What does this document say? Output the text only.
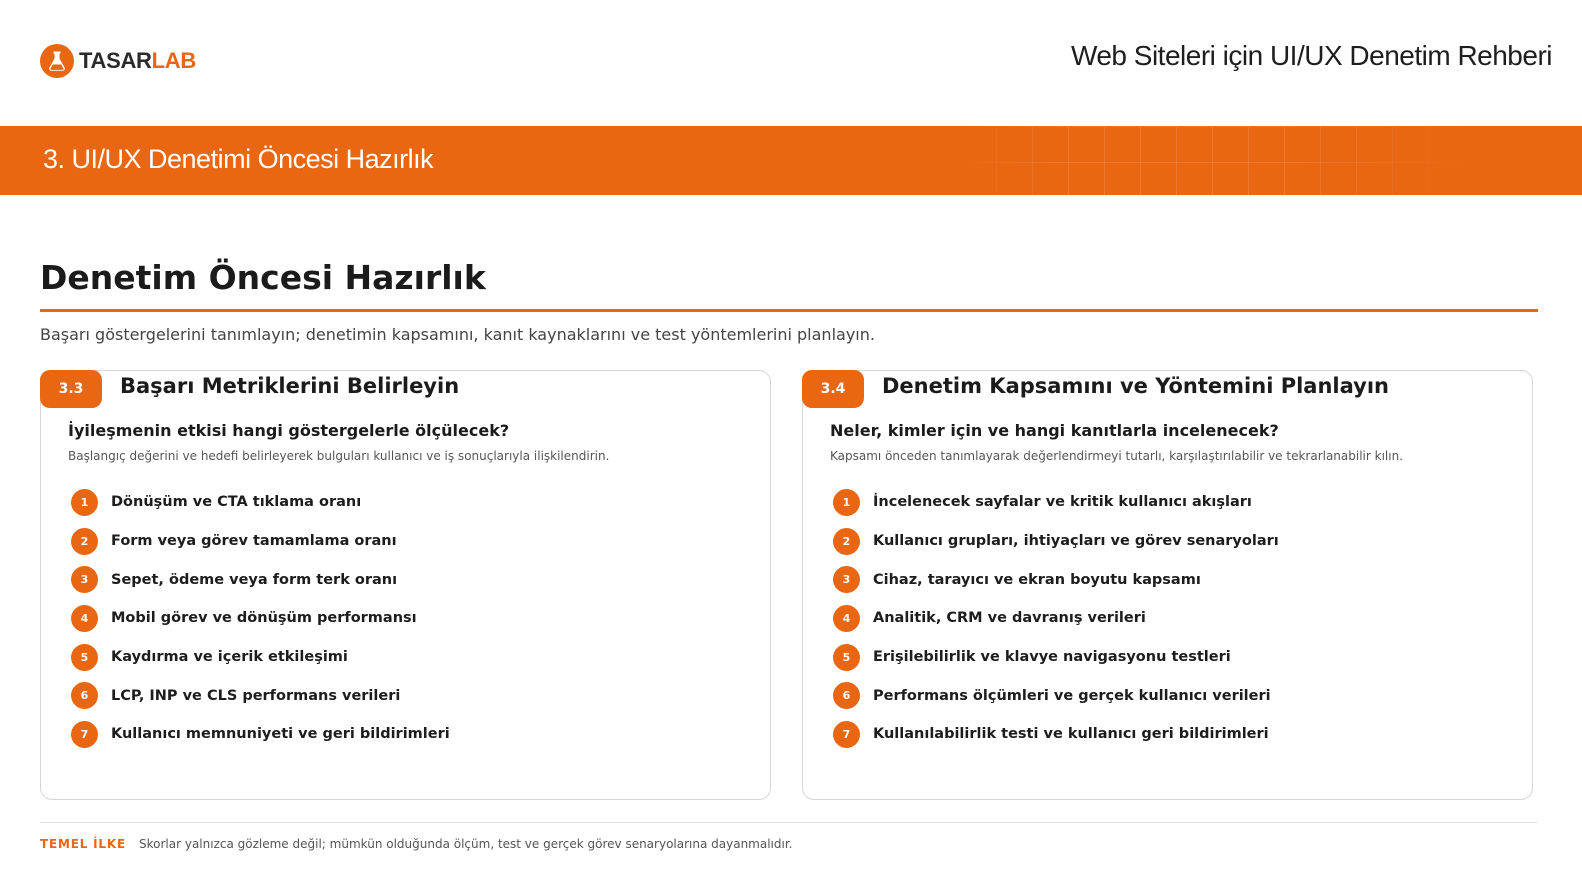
TASARLAB	Web Siteleri için UI/UX Denetim Rehberi
3. UI/UX Denetimi Öncesi Hazırlık
Denetim Öncesi Hazırlık
Başarı göstergelerini tanımlayın; denetimin kapsamını, kanıt kaynaklarını ve test yöntemlerini planlayın.
3.3	Başarı Metriklerini Belirleyin
İyileşmenin etkisi hangi göstergelerle ölçülecek?
Başlangıç değerini ve hedefi belirleyerek bulguları kullanıcı ve iş sonuçlarıyla ilişkilendirin.
1	Dönüşüm ve CTA tıklama oranı
2	Form veya görev tamamlama oranı
3	Sepet, ödeme veya form terk oranı
4	Mobil görev ve dönüşüm performansı
5	Kaydırma ve içerik etkileşimi
6	LCP, INP ve CLS performans verileri
7	Kullanıcı memnuniyeti ve geri bildirimleri
3.4	Denetim Kapsamını ve Yöntemini Planlayın
Neler, kimler için ve hangi kanıtlarla incelenecek?
Kapsamı önceden tanımlayarak değerlendirmeyi tutarlı, karşılaştırılabilir ve tekrarlanabilir kılın.
1	İncelenecek sayfalar ve kritik kullanıcı akışları
2	Kullanıcı grupları, ihtiyaçları ve görev senaryoları
3	Cihaz, tarayıcı ve ekran boyutu kapsamı
4	Analitik, CRM ve davranış verileri
5	Erişilebilirlik ve klavye navigasyonu testleri
6	Performans ölçümleri ve gerçek kullanıcı verileri
7	Kullanılabilirlik testi ve kullanıcı geri bildirimleri
TEMEL İLKE Skorlar yalnızca gözleme değil; mümkün olduğunda ölçüm, test ve gerçek görev senaryolarına dayanmalıdır.
